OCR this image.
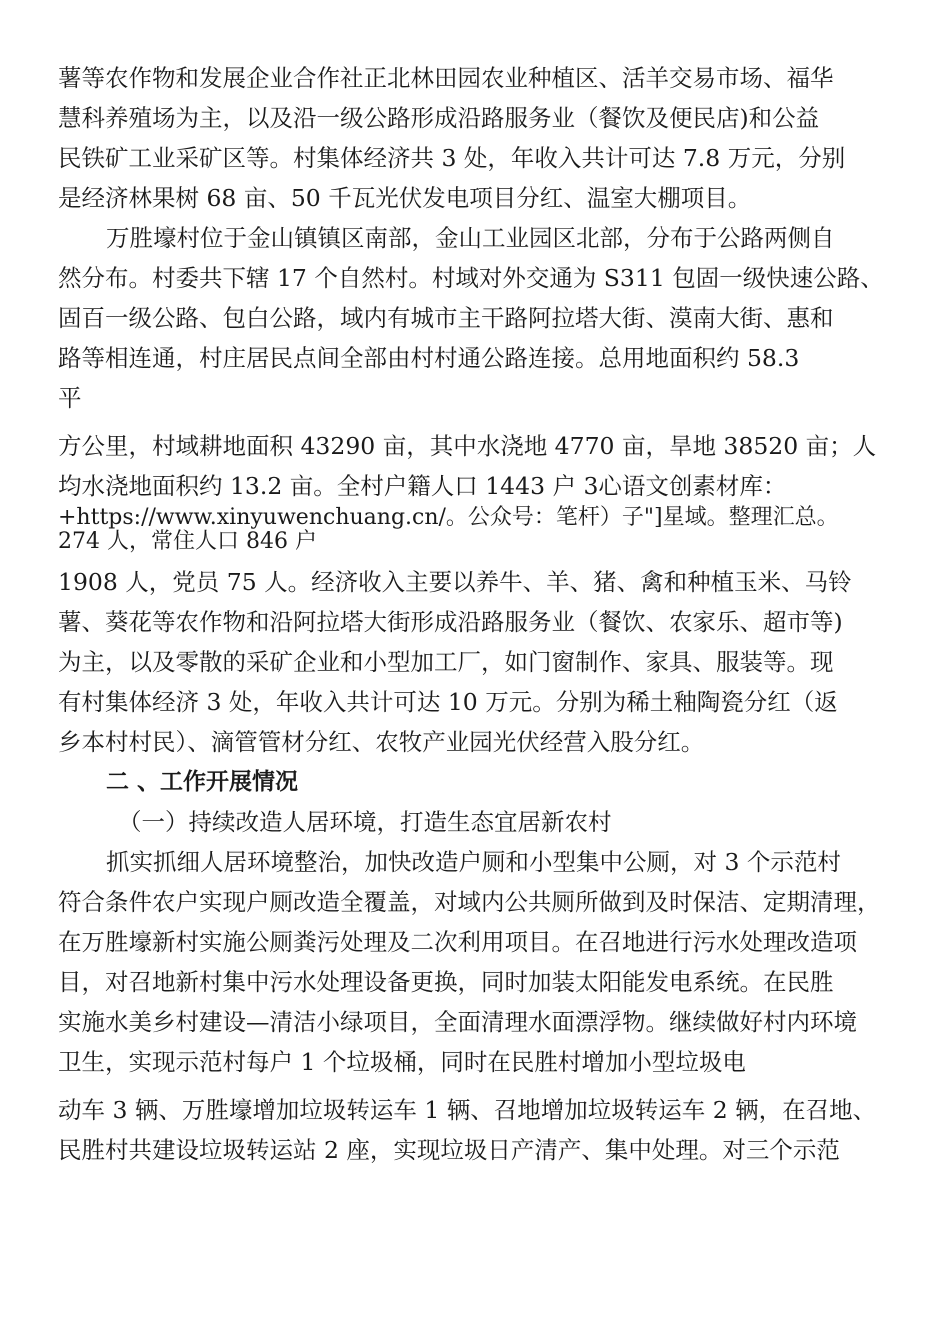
薯等农作物和发展企业合作社正北林田园农业种植区、活羊交易市场、福华
慧科养殖场为主，以及沿一级公路形成沿路服务业（餐饮及便民店)和公益
民铁矿工业采矿区等。村集体经济共 3 处，年收入共计可达 7.8 万元，分别
是经济林果树 68 亩、50 千瓦光伏发电项目分红、温室大棚项目。
万胜壕村位于金山镇镇区南部，金山工业园区北部，分布于公路两侧自
然分布。村委共下辖 17 个自然村。村域对外交通为 S311 包固一级快速公路、
固百一级公路、包白公路，域内有城市主干路阿拉塔大街、漠南大街、惠和
路等相连通，村庄居民点间全部由村村通公路连接。总用地面积约 58.3
平
方公里，村域耕地面积 43290 亩，其中水浇地 4770 亩，旱地 38520 亩；人
均水浇地面积约 13.2 亩。全村户籍人口 1443 户 3心语文创素材库：
+https://www.xinyuwenchuang.cn/。公众号：笔杆）子"]星域。整理汇总。
274 人，常住人口 846 户
1908 人，党员 75 人。经济收入主要以养牛、羊、猪、禽和种植玉米、马铃
薯、葵花等农作物和沿阿拉塔大街形成沿路服务业（餐饮、农家乐、超市等)
为主，以及零散的采矿企业和小型加工厂，如门窗制作、家具、服装等。现
有村集体经济 3 处，年收入共计可达 10 万元。分别为稀土釉陶瓷分红（返
乡本村村民）、滴管管材分红、农牧产业园光伏经营入股分红。
二 、工作开展情况
（一）持续改造人居环境，打造生态宜居新农村
抓实抓细人居环境整治，加快改造户厕和小型集中公厕，对 3 个示范村
符合条件农户实现户厕改造全覆盖，对域内公共厕所做到及时保洁、定期清理，
在万胜壕新村实施公厕粪污处理及二次利用项目。在召地进行污水处理改造项
目，对召地新村集中污水处理设备更换，同时加装太阳能发电系统。在民胜
实施水美乡村建设—清洁小绿项目，全面清理水面漂浮物。继续做好村内环境
卫生，实现示范村每户 1 个垃圾桶，同时在民胜村增加小型垃圾电
动车 3 辆、万胜壕增加垃圾转运车 1 辆、召地增加垃圾转运车 2 辆，在召地、
民胜村共建设垃圾转运站 2 座，实现垃圾日产清产、集中处理。对三个示范
